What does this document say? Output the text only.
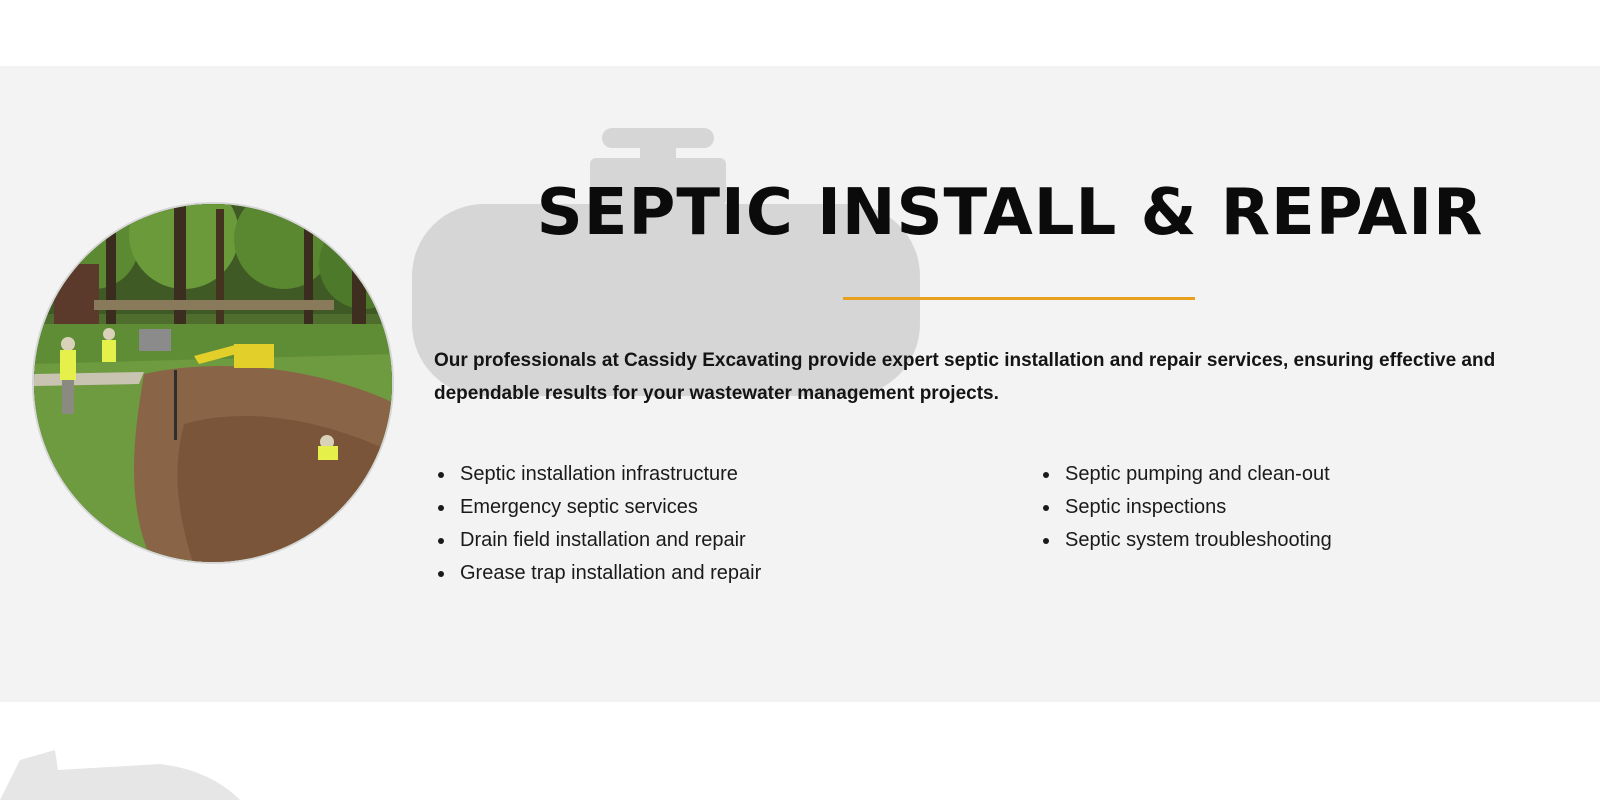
SEPTIC INSTALL & REPAIR

Our professionals at Cassidy Excavating provide expert septic installation and repair services, ensuring effective and dependable results for your wastewater management projects.

Septic installation infrastructure
Emergency septic services
Drain field installation and repair
Grease trap installation and repair
Septic pumping and clean-out
Septic inspections
Septic system troubleshooting
